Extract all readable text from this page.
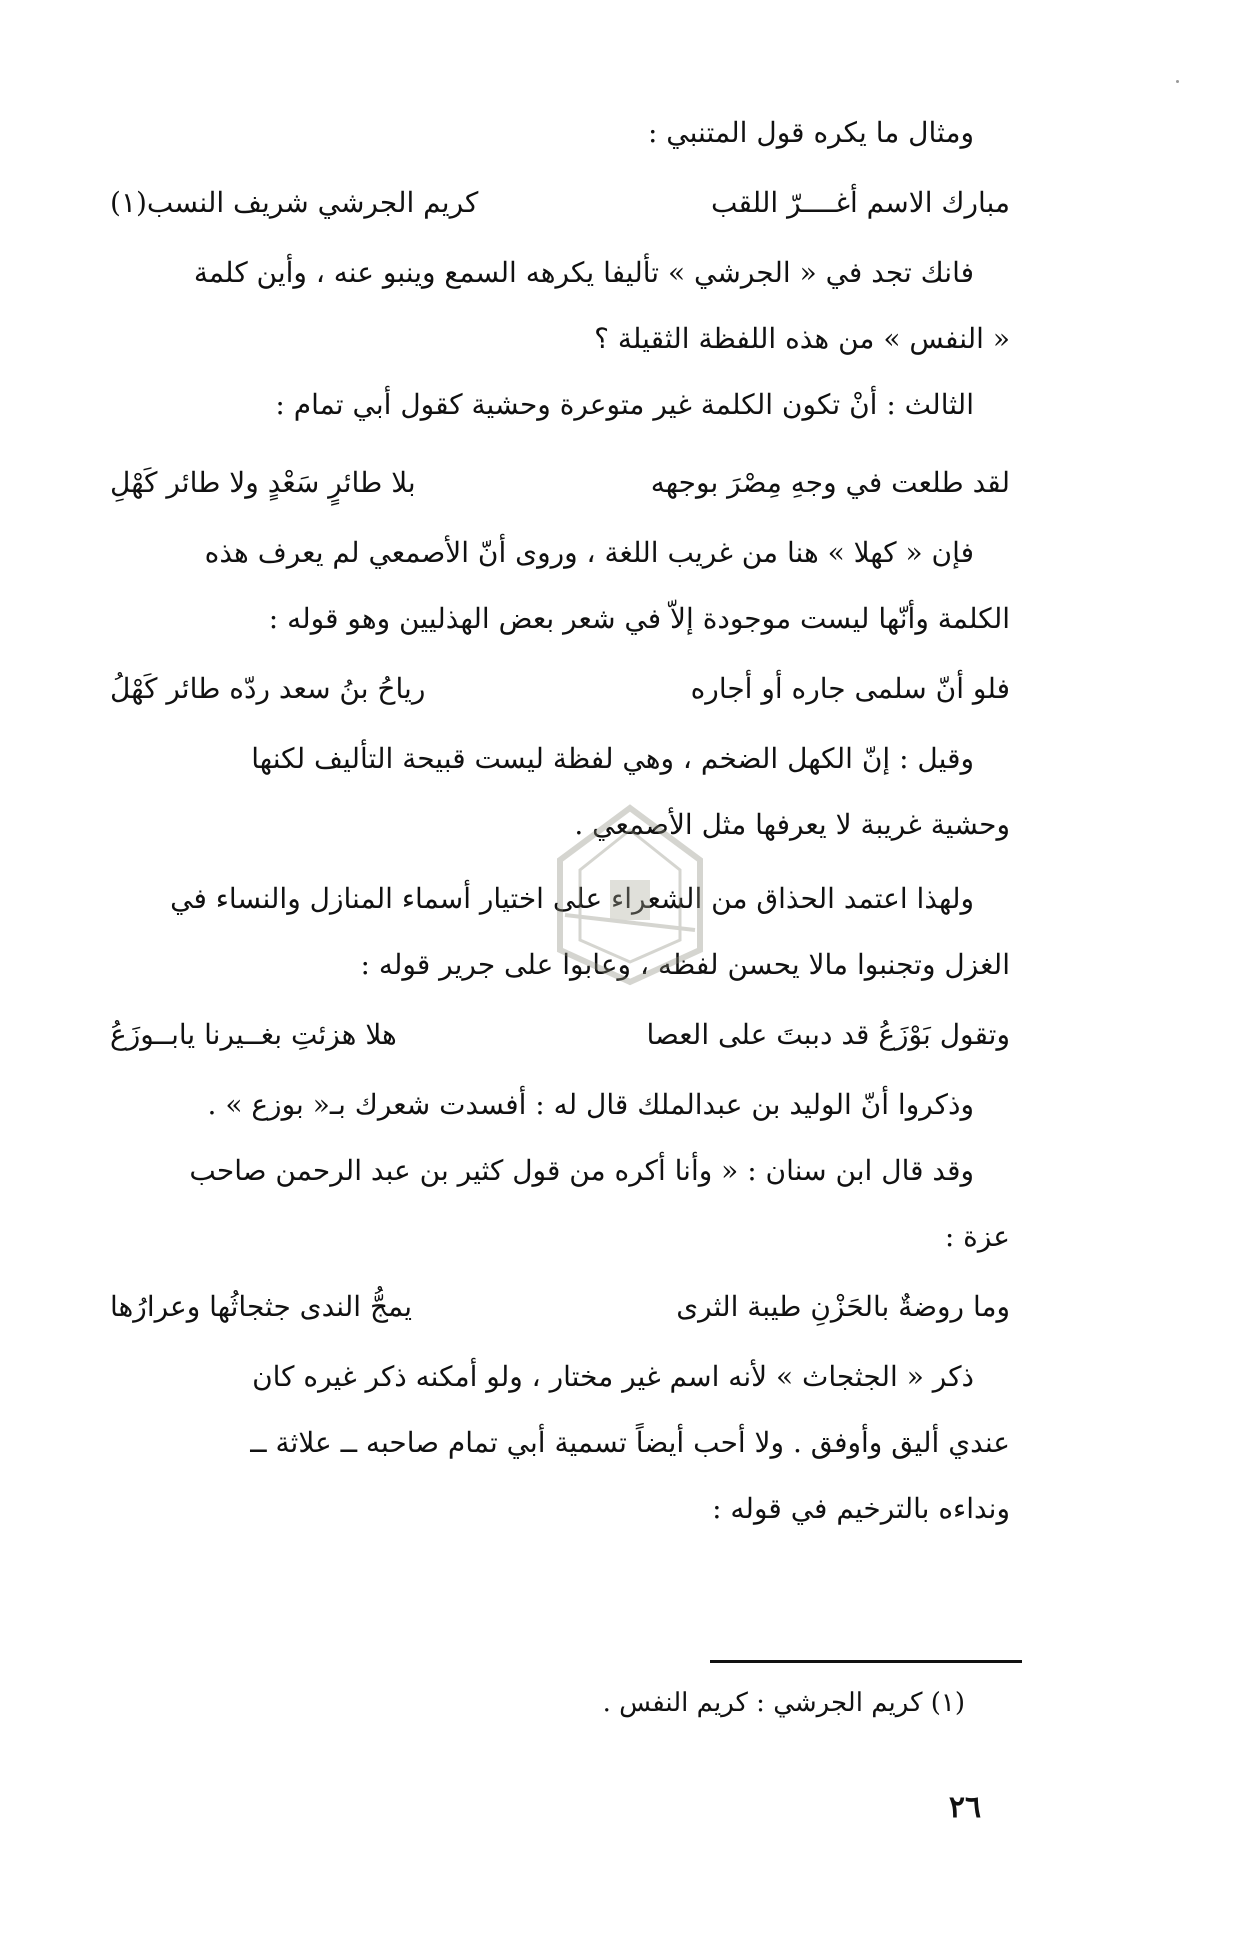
ومثال ما يكره قول المتنبي :
مبارك الاسم أغــــرّ اللقب
كريم الجرشي شريف النسب(١)
فانك تجد في « الجرشي » تأليفا يكرهه السمع وينبو عنه ، وأين كلمة
« النفس » من هذه اللفظة الثقيلة ؟
الثالث : أنْ تكون الكلمة غير متوعرة وحشية كقول أبي تمام :
لقد طلعت في وجهِ مِصْرَ بوجهه
بلا طائرٍ سَعْدٍ ولا طائر كَهْلِ
فإن « كهلا » هنا من غريب اللغة ، وروى أنّ الأصمعي لم يعرف هذه
الكلمة وأنّها ليست موجودة إلاّ في شعر بعض الهذليين وهو قوله :
فلو أنّ سلمى جاره أو أجاره
رياحُ بنُ سعد ردّه طائر كَهْلُ
وقيل : إنّ الكهل الضخم ، وهي لفظة ليست قبيحة التأليف لكنها
وحشية غريبة لا يعرفها مثل الأصمعي .
ولهذا اعتمد الحذاق من الشعراء على اختيار أسماء المنازل والنساء في
الغزل وتجنبوا مالا يحسن لفظه ، وعابوا على جرير قوله :
وتقول بَوْزَعُ قد دببتَ على العصا
هلا هزئتِ بغــيرنا يابــوزَعُ
وذكروا أنّ الوليد بن عبدالملك قال له : أفسدت شعرك بـ« بوزع » .
وقد قال ابن سنان : « وأنا أكره من قول كثير بن عبد الرحمن صاحب
عزة :
وما روضةٌ بالحَزْنِ طيبة الثرى
يمجُّ الندى جثجاثُها وعرارُها
ذكر « الجثجاث » لأنه اسم غير مختار ، ولو أمكنه ذكر غيره كان
عندي أليق وأوفق . ولا أحب أيضاً تسمية أبي تمام صاحبه ــ علاثة ــ
ونداءه بالترخيم في قوله :
(١) كريم الجرشي : كريم النفس .
٢٦
